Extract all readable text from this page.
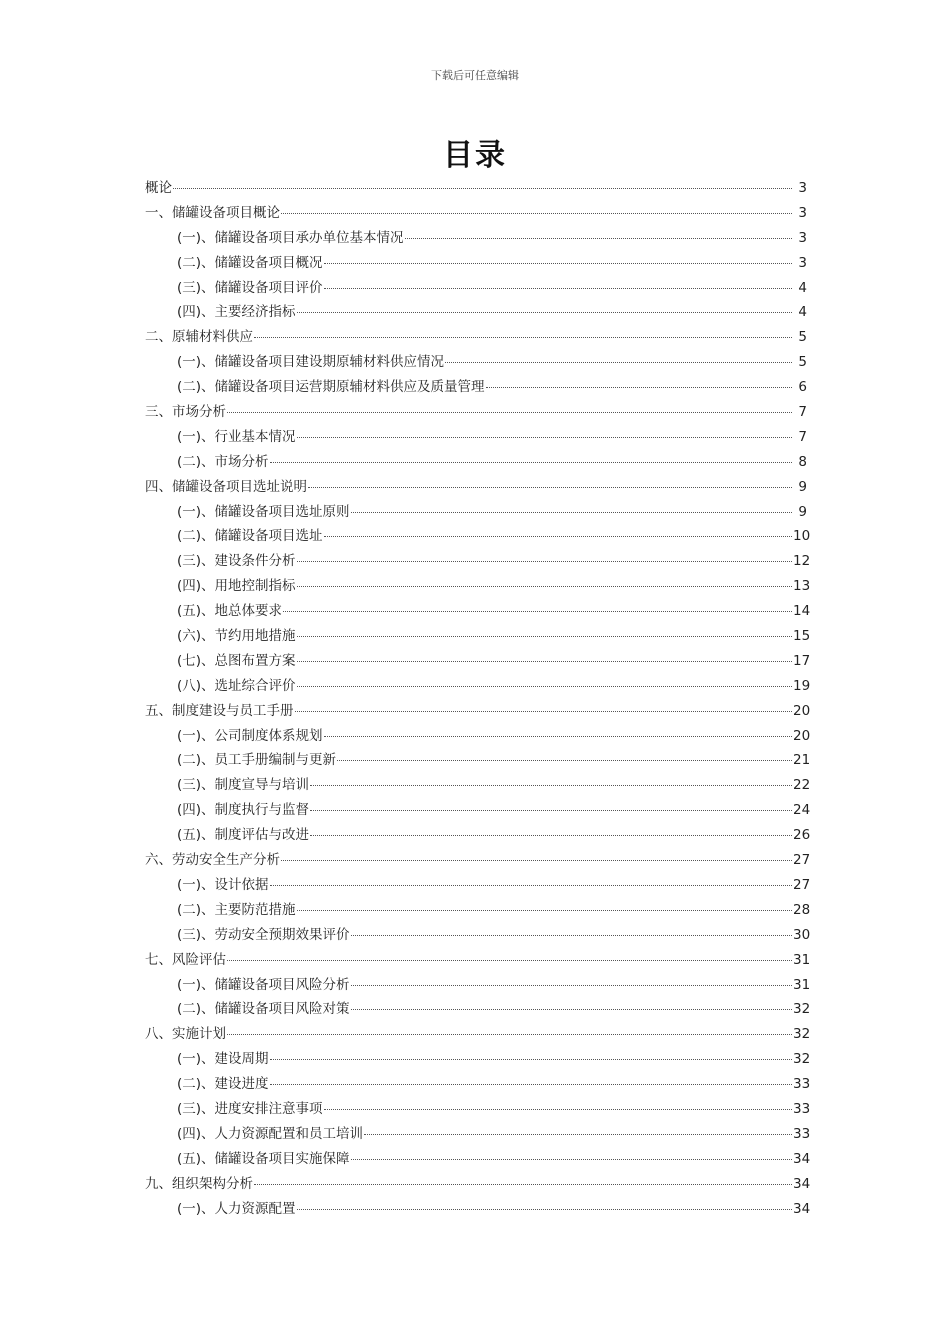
下载后可任意编辑
目录
概论	3
一、储罐设备项目概论	3
(一)、储罐设备项目承办单位基本情况	3
(二)、储罐设备项目概况	3
(三)、储罐设备项目评价	4
(四)、主要经济指标	4
二、原辅材料供应	5
(一)、储罐设备项目建设期原辅材料供应情况	5
(二)、储罐设备项目运营期原辅材料供应及质量管理	6
三、市场分析	7
(一)、行业基本情况	7
(二)、市场分析	8
四、储罐设备项目选址说明	9
(一)、储罐设备项目选址原则	9
(二)、储罐设备项目选址	10
(三)、建设条件分析	12
(四)、用地控制指标	13
(五)、地总体要求	14
(六)、节约用地措施	15
(七)、总图布置方案	17
(八)、选址综合评价	19
五、制度建设与员工手册	20
(一)、公司制度体系规划	20
(二)、员工手册编制与更新	21
(三)、制度宣导与培训	22
(四)、制度执行与监督	24
(五)、制度评估与改进	26
六、劳动安全生产分析	27
(一)、设计依据	27
(二)、主要防范措施	28
(三)、劳动安全预期效果评价	30
七、风险评估	31
(一)、储罐设备项目风险分析	31
(二)、储罐设备项目风险对策	32
八、实施计划	32
(一)、建设周期	32
(二)、建设进度	33
(三)、进度安排注意事项	33
(四)、人力资源配置和员工培训	33
(五)、储罐设备项目实施保障	34
九、组织架构分析	34
(一)、人力资源配置	34
